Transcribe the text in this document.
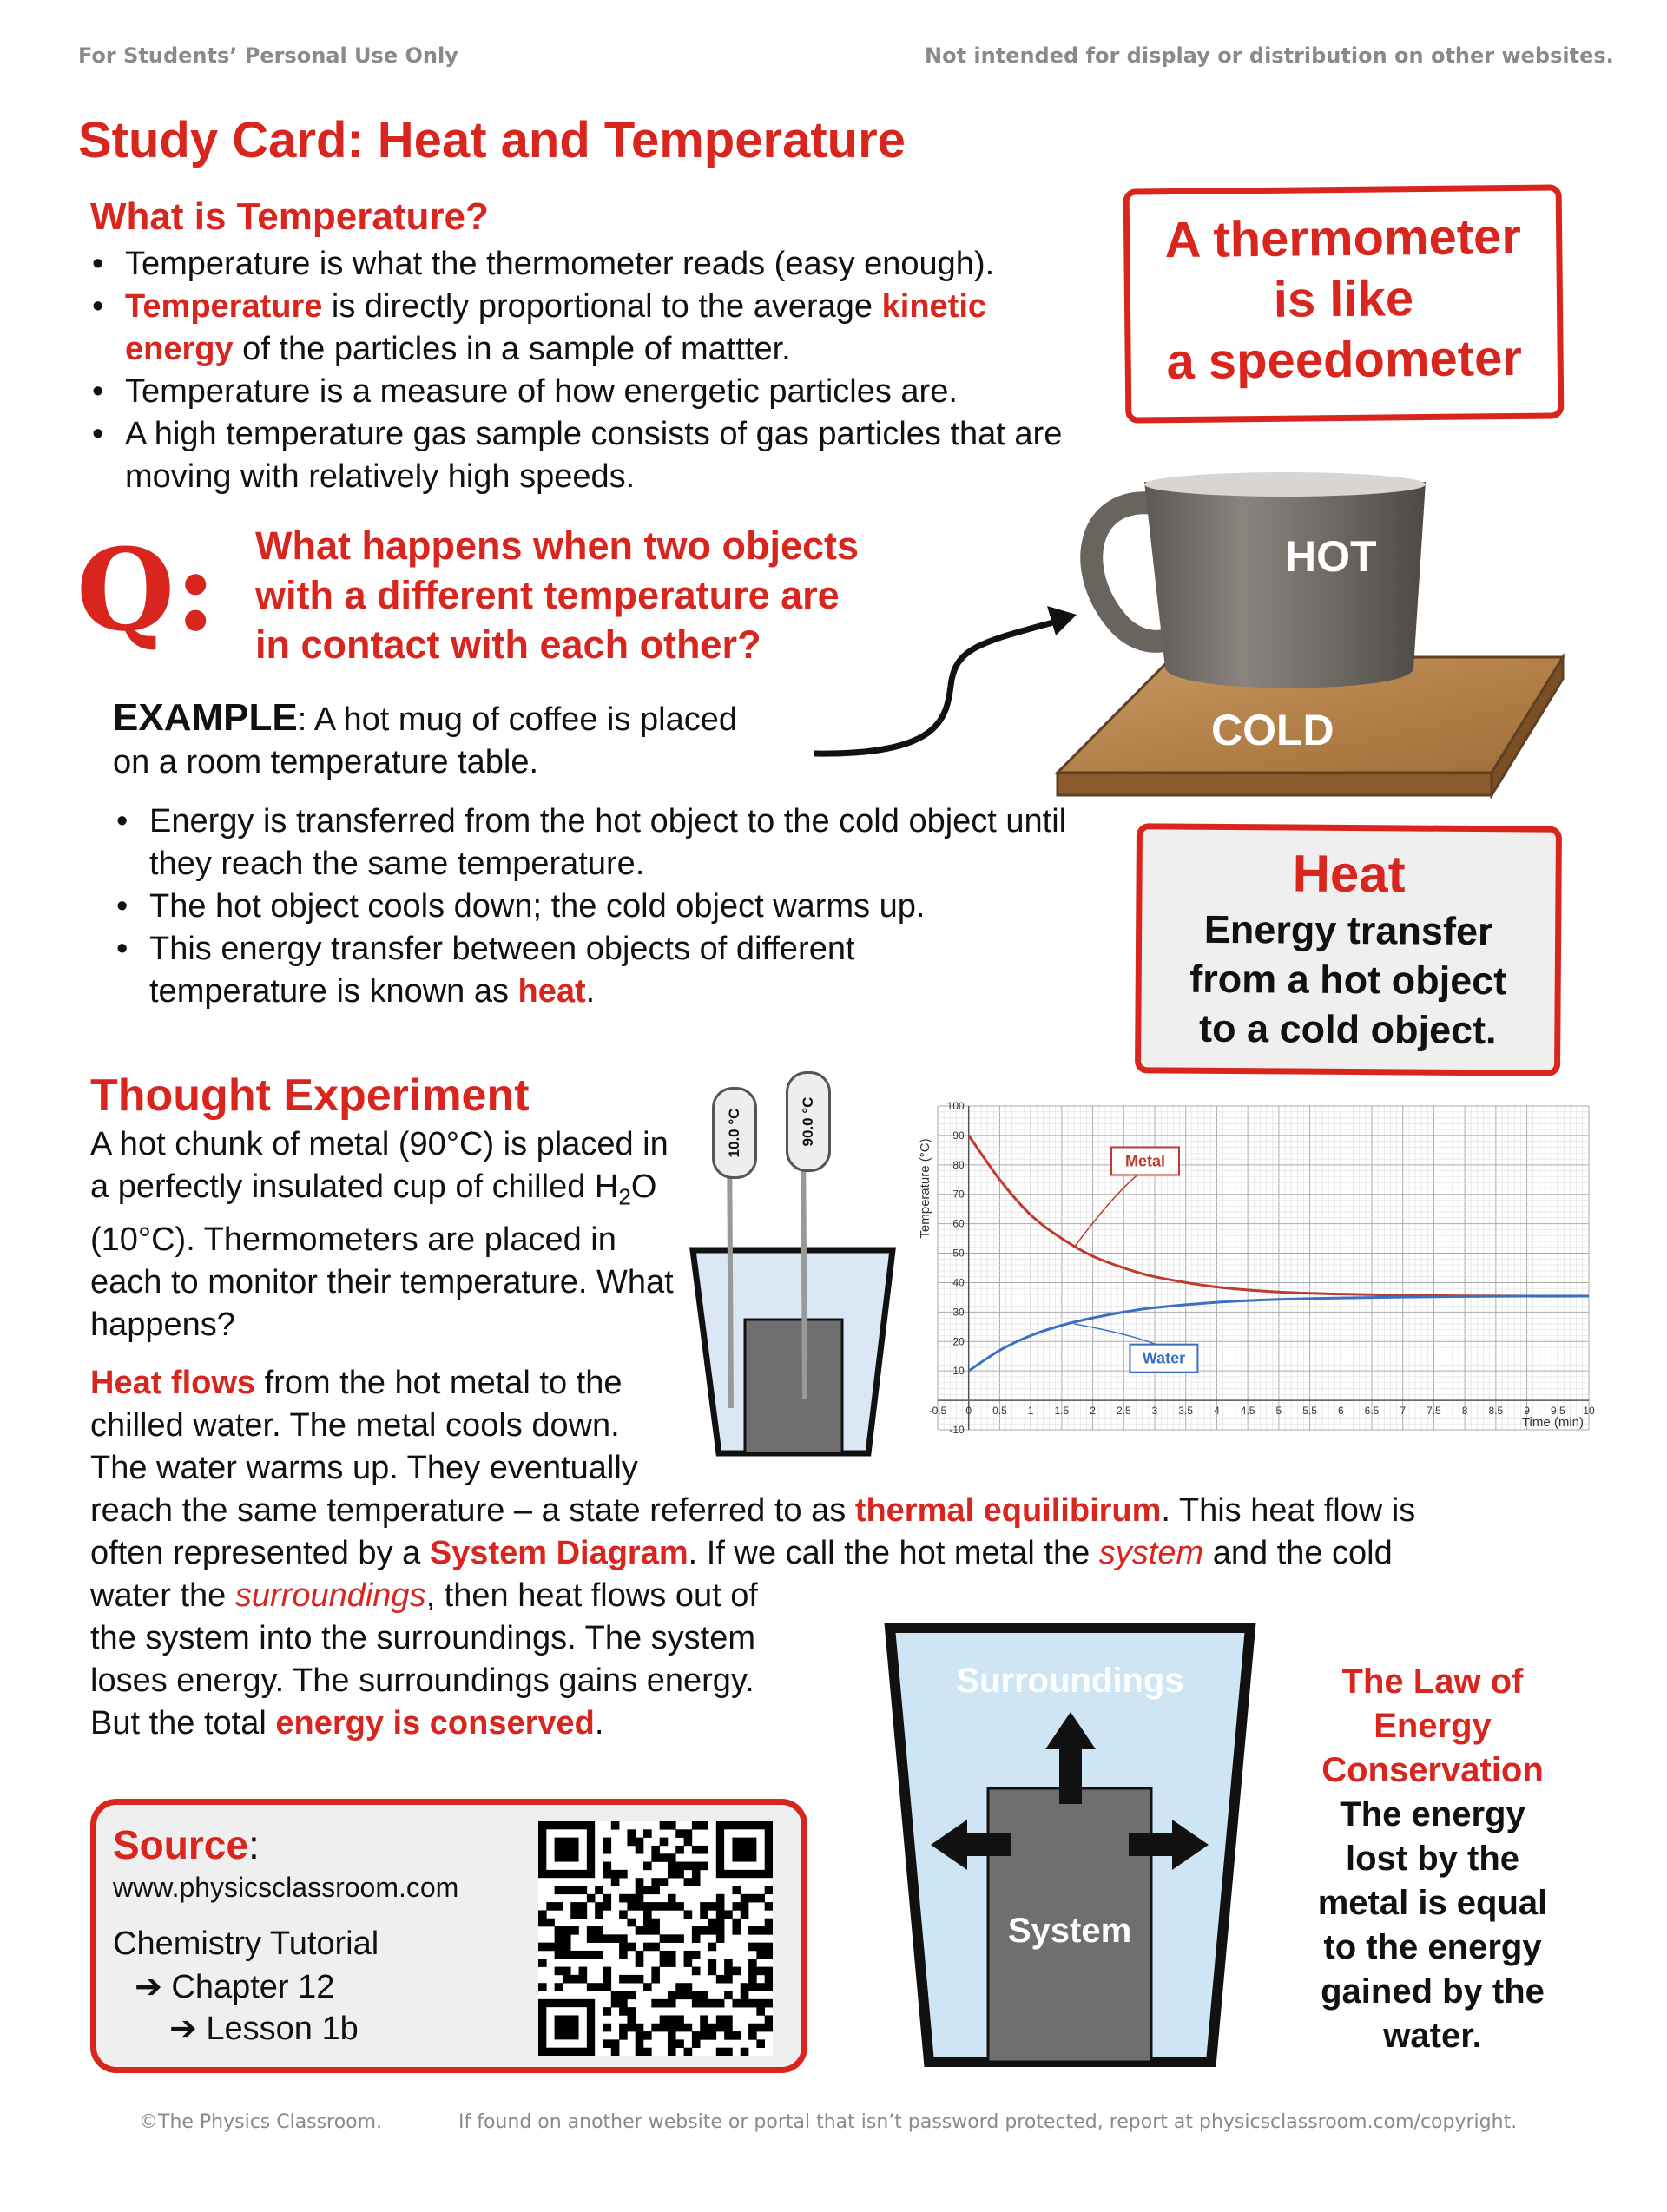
For Students’ Personal Use Only	Not intended for display or distribution on other websites.
Study Card: Heat and Temperature
What is Temperature?
• Temperature is what the thermometer reads (easy enough).
• Temperature is directly proportional to the average kinetic energy of the particles in a sample of mattter.
• Temperature is a measure of how energetic particles are.
• A high temperature gas sample consists of gas particles that are moving with relatively high speeds.
A thermometer
is like
a speedometer
Q: What happens when two objects
with a different temperature are
in contact with each other?
EXAMPLE: A hot mug of coffee is placed
on a room temperature table.
HOT
COLD
• Energy is transferred from the hot object to the cold object until they reach the same temperature.
• The hot object cools down; the cold object warms up.
• This energy transfer between objects of different temperature is known as heat.
Heat
Energy transfer
from a hot object
to a cold object.
Thought Experiment
A hot chunk of metal (90°C) is placed in a perfectly insulated cup of chilled $H_2O$ (10°C). Thermometers are placed in each to monitor their temperature. What happens?
Heat flows from the hot metal to the chilled water. The metal cools down. The water warms up. They eventually
reach the same temperature – a state referred to as thermal equilibirum. This heat flow is
often represented by a System Diagram. If we call the hot metal the system and the cold
water the surroundings, then heat flows out of
the system into the surroundings. The system
loses energy. The surroundings gains energy.
But the total energy is conserved.
10.0 °C	90.0 °C
-0.5 0 0.5 1 1.5 2 2.5 3 3.5 4 4.5 5 5.5 6 6.5 7 7.5 8 8.5 9 9.5 10
-10
10
20
30
40
50
60
70
80
90
100
Time (min)
Temperature (°C)	Metal
Water
Surroundings
System
The Law of
Energy
Conservation
The energy
lost by the
metal is equal
to the energy
gained by the
water.
Source:
www.physicsclassroom.com
Chemistry Tutorial
➔ Chapter 12
➔ Lesson 1b
©The Physics Classroom.	If found on another website or portal that isn’t password protected, report at physicsclassroom.com/copyright.
